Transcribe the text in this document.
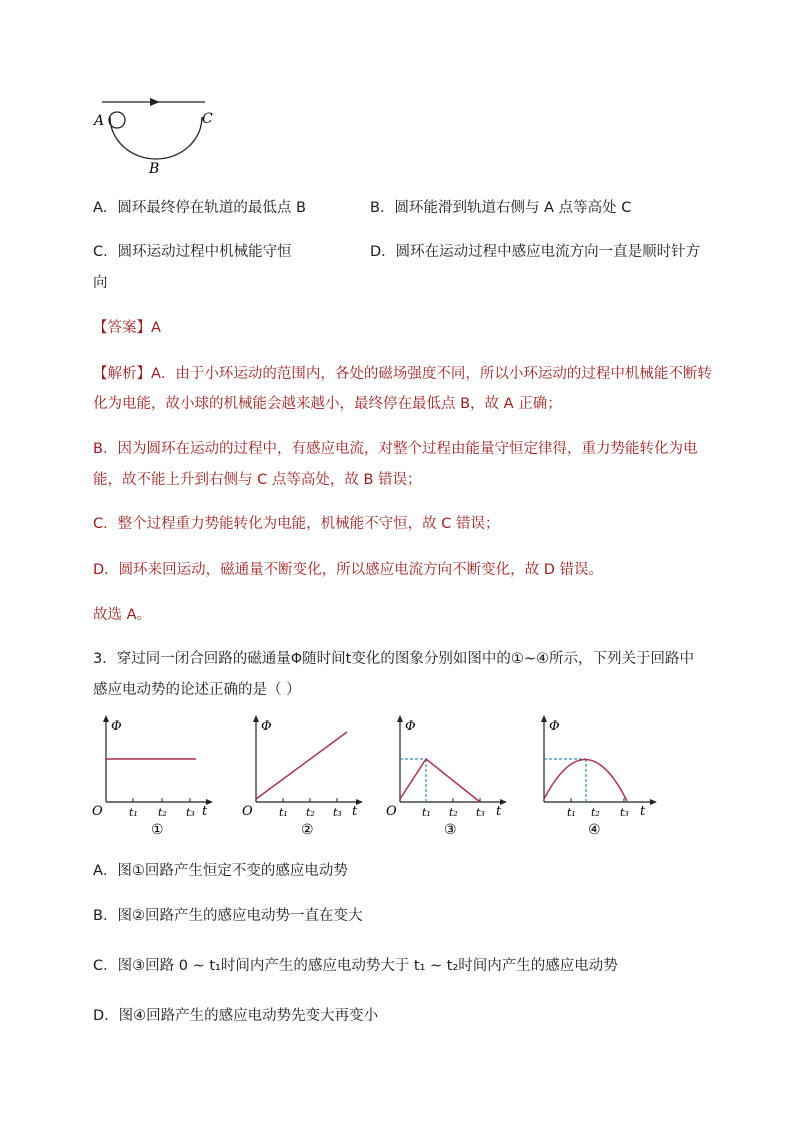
A	C
B
A．圆环最终停在轨道的最低点 B	B．圆环能滑到轨道右侧与 A 点等高处 C
C．圆环运动过程中机械能守恒	D．圆环在运动过程中感应电流方向一直是顺时针方
向
【答案】A
【解析】A．由于小环运动的范围内，各处的磁场强度不同，所以小环运动的过程中机械能不断转
化为电能，故小球的机械能会越来越小，最终停在最低点 B，故 A 正确；
B．因为圆环在运动的过程中，有感应电流，对整个过程由能量守恒定律得，重力势能转化为电
能，故不能上升到右侧与 C 点等高处，故 B 错误；
C．整个过程重力势能转化为电能，机械能不守恒，故 C 错误；
D．圆环来回运动，磁通量不断变化，所以感应电流方向不断变化，故 D 错误。
故选 A。
3．穿过同一闭合回路的磁通量Φ随时间t变化的图象分别如图中的①~④所示，下列关于回路中
感应电动势的论述正确的是（ ）
Φ
O t₁ t₂ t₃ t
①
Φ
O t₁ t₂ t₃ t
②
Φ
O t₁ t₂ t₃ t
③
Φ
t₁ t₂ t₃ t
④
A．图①回路产生恒定不变的感应电动势
B．图②回路产生的感应电动势一直在变大
C．图③回路 0 ~ t₁时间内产生的感应电动势大于 t₁ ~ t₂时间内产生的感应电动势
D．图④回路产生的感应电动势先变大再变小
